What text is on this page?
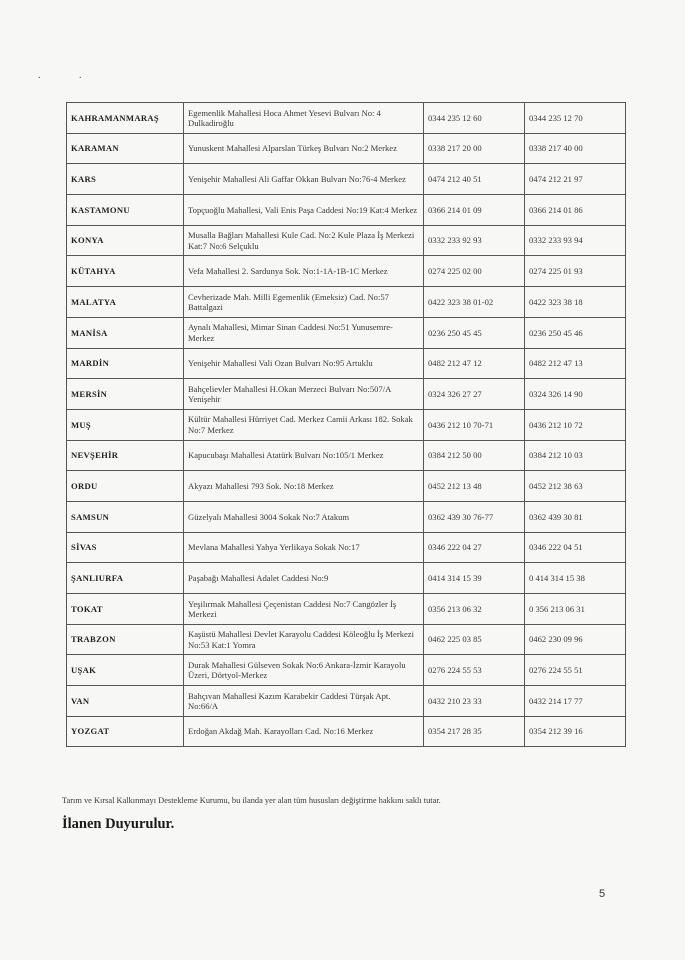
. .
KAHRAMANMARAŞ	Egemenlik Mahallesi Hoca Ahmet Yesevi Bulvarı No: 4 Dulkadiroğlu	0344 235 12 60	0344 235 12 70
KARAMAN	Yunuskent Mahallesi Alparslan Türkeş Bulvarı No:2 Merkez	0338 217 20 00	0338 217 40 00
KARS	Yenişehir Mahallesi Ali Gaffar Okkan Bulvarı No:76-4 Merkez	0474 212 40 51	0474 212 21 97
KASTAMONU	Topçuoğlu Mahallesi, Vali Enis Paşa Caddesi No:19 Kat:4 Merkez	0366 214 01 09	0366 214 01 86
KONYA	Musalla Bağları Mahallesi Kule Cad. No:2 Kule Plaza İş Merkezi Kat:7 No:6 Selçuklu	0332 233 92 93	0332 233 93 94
KÜTAHYA	Vefa Mahallesi 2. Sardunya Sok. No:1-1A-1B-1C Merkez	0274 225 02 00	0274 225 01 93
MALATYA	Cevherizade Mah. Milli Egemenlik (Emeksiz) Cad. No:57 Battalgazi	0422 323 38 01-02	0422 323 38 18
MANİSA	Aynalı Mahallesi, Mimar Sinan Caddesi No:51 Yunusemre-Merkez	0236 250 45 45	0236 250 45 46
MARDİN	Yenişehir Mahallesi Vali Ozan Bulvarı No:95 Artuklu	0482 212 47 12	0482 212 47 13
MERSİN	Bahçelievler Mahallesi H.Okan Merzeci Bulvarı No:507/A Yenişehir	0324 326 27 27	0324 326 14 90
MUŞ	Kültür Mahallesi Hürriyet Cad. Merkez Camii Arkası 182. Sokak No:7 Merkez	0436 212 10 70-71	0436 212 10 72
NEVŞEHİR	Kapucubaşı Mahallesi Atatürk Bulvarı No:105/1 Merkez	0384 212 50 00	0384 212 10 03
ORDU	Akyazı Mahallesi 793 Sok. No:18 Merkez	0452 212 13 48	0452 212 38 63
SAMSUN	Güzelyalı Mahallesi 3004 Sokak No:7 Atakum	0362 439 30 76-77	0362 439 30 81
SİVAS	Mevlana Mahallesi Yahya Yerlikaya Sokak No:17	0346 222 04 27	0346 222 04 51
ŞANLIURFA	Paşabağı Mahallesi Adalet Caddesi No:9	0414 314 15 39	0 414 314 15 38
TOKAT	Yeşilırmak Mahallesi Çeçenistan Caddesi No:7 Cangözler İş Merkezi	0356 213 06 32	0 356 213 06 31
TRABZON	Kaşüstü Mahallesi Devlet Karayolu Caddesi Köleoğlu İş Merkezi No:53 Kat:1 Yomra	0462 225 03 85	0462 230 09 96
UŞAK	Durak Mahallesi Gülseven Sokak No:6 Ankara-İzmir Karayolu Üzeri, Dörtyol-Merkez	0276 224 55 53	0276 224 55 51
VAN	Bahçıvan Mahallesi Kazım Karabekir Caddesi Türşak Apt. No:66/A	0432 210 23 33	0432 214 17 77
YOZGAT	Erdoğan Akdağ Mah. Karayolları Cad. No:16 Merkez	0354 217 28 35	0354 212 39 16
Tarım ve Kırsal Kalkınmayı Destekleme Kurumu, bu ilanda yer alan tüm hususları değiştirme hakkını saklı tutar.
İlanen Duyurulur.
5
